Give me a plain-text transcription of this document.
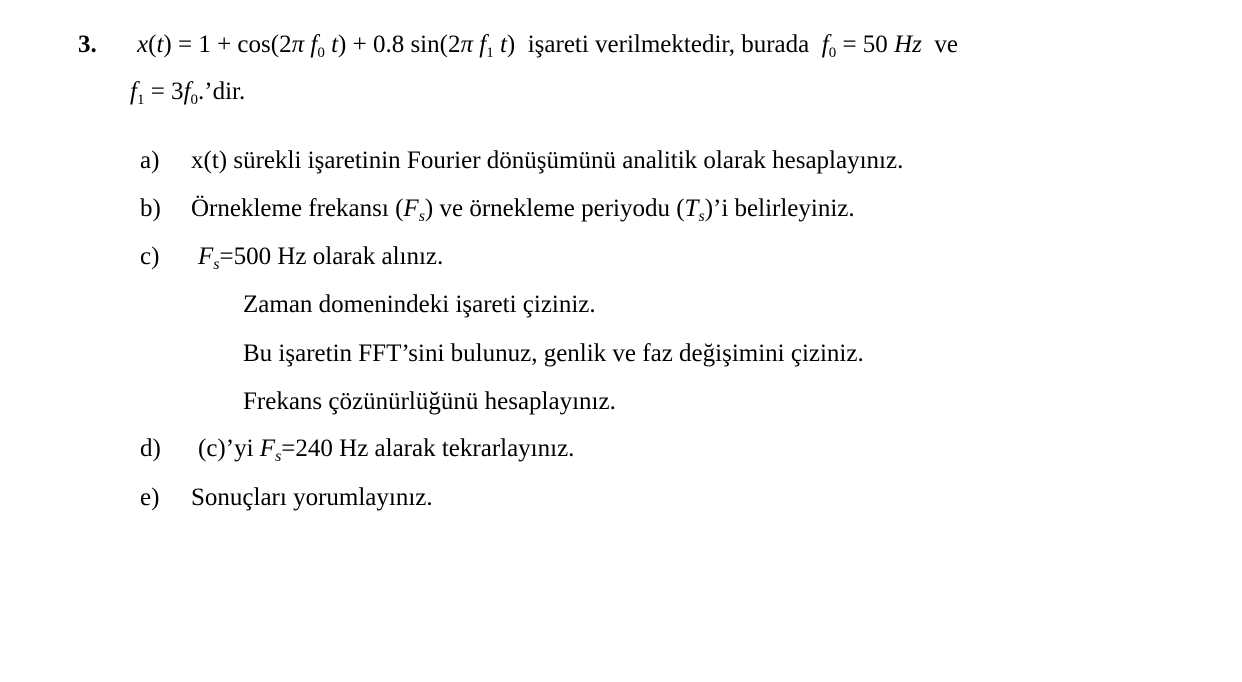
3. x(t) = 1 + cos(2π $f_0$ t) + 0.8 sin(2π $f_1$ t) işareti verilmektedir, burada $f_0 = 50$ Hz ve
$f_1$ = $3f_0.’dir$.
a) x(t) sürekli işaretinin Fourier dönüşümünü analitik olarak hesaplayınız.
b) Örnekleme frekansı $(F_s)$ ve örnekleme periyodu $(T_s)’i$ belirleyiniz.
c) $F_s=500$ Hz olarak alınız.
Zaman domenindeki işareti çiziniz.
Bu işaretin FFT’sini bulunuz, genlik ve faz değişimini çiziniz.
Frekans çözünürlüğünü hesaplayınız.
d) (c)’yi $F_s=240$ Hz alarak tekrarlayınız.
e) Sonuçları yorumlayınız.
